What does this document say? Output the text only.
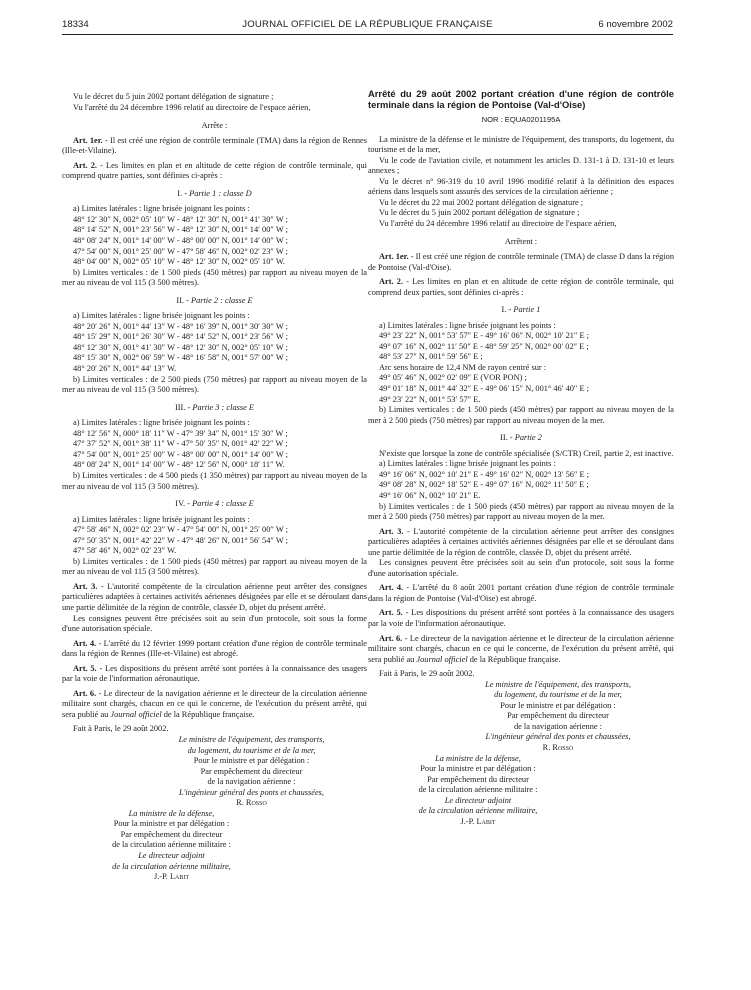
18334	JOURNAL OFFICIEL DE LA RÉPUBLIQUE FRANÇAISE	6 novembre 2002

Vu le décret du 5 juin 2002 portant délégation de signature ;

Vu l'arrêté du 24 décembre 1996 relatif au directoire de l'espace aérien,

Arrête :

Art. 1er. - Il est créé une région de contrôle terminale (TMA) dans la région de Rennes (Ille-et-Vilaine).

Art. 2. - Les limites en plan et en altitude de cette région de contrôle terminale, qui comprend quatre parties, sont définies ci-après :

I. - Partie 1 : classe D

a) Limites latérales : ligne brisée joignant les points :

48° 12′ 30″ N, 002° 05′ 10″ W - 48° 12′ 30″ N, 001° 41′ 30″ W ;

48° 14′ 52″ N, 001° 23′ 56″ W - 48° 12′ 30″ N, 001° 14′ 00″ W ;

48° 08′ 24″ N, 001° 14′ 00″ W - 48° 00′ 00″ N, 001° 14′ 00″ W ;

47° 54′ 00″ N, 001° 25′ 00″ W - 47° 58′ 46″ N, 002° 02′ 23″ W ;

48° 04′ 00″ N, 002° 05′ 10″ W - 48° 12′ 30″ N, 002° 05′ 10″ W.

b) Limites verticales : de 1 500 pieds (450 mètres) par rapport au niveau moyen de la mer au niveau de vol 115 (3 500 mètres).

II. - Partie 2 : classe E

a) Limites latérales : ligne brisée joignant les points :

48° 20′ 26″ N, 001° 44′ 13″ W - 48° 16′ 39″ N, 001° 30′ 30″ W ;

48° 15′ 29″ N, 001° 26′ 30″ W - 48° 14′ 52″ N, 001° 23′ 56″ W ;

48° 12′ 30″ N, 001° 41′ 30″ W - 48° 12′ 30″ N, 002° 05′ 10″ W ;

48° 15′ 30″ N, 002° 06′ 59″ W - 48° 16′ 58″ N, 001° 57′ 00″ W ;

48° 20′ 26″ N, 001° 44′ 13″ W.

b) Limites verticales : de 2 500 pieds (750 mètres) par rapport au niveau moyen de la mer au niveau de vol 115 (3 500 mètres).

III. - Partie 3 : classe E

a) Limites latérales : ligne brisée joignant les points :

48° 12′ 56″ N, 000° 18′ 11″ W - 47° 39′ 34″ N, 001° 15′ 30″ W ;

47° 37′ 52″ N, 001° 38′ 11″ W - 47° 50′ 35″ N, 001° 42′ 22″ W ;

47° 54′ 00″ N, 001° 25′ 00″ W - 48° 00′ 00″ N, 001° 14′ 00″ W ;

48° 08′ 24″ N, 001° 14′ 00″ W - 48° 12′ 56″ N, 000° 18′ 11″ W.

b) Limites verticales : de 4 500 pieds (1 350 mètres) par rapport au niveau moyen de la mer au niveau de vol 115 (3 500 mètres).

IV. - Partie 4 : classe E

a) Limites latérales : ligne brisée joignant les points :

47° 58′ 46″ N, 002° 02′ 23″ W - 47° 54′ 00″ N, 001° 25′ 00″ W ;

47° 50′ 35″ N, 001° 42′ 22″ W - 47° 48′ 26″ N, 001° 56′ 54″ W ;

47° 58′ 46″ N, 002° 02′ 23″ W.

b) Limites verticales : de 1 500 pieds (450 mètres) par rapport au niveau moyen de la mer au niveau de vol 115 (3 500 mètres).

Art. 3. - L'autorité compétente de la circulation aérienne peut arrêter des consignes particulières adaptées à certaines activités aériennes désignées par elle et se déroulant dans une partie délimitée de la région de contrôle, classée D, objet du présent arrêté.

Les consignes peuvent être précisées soit au sein d'un protocole, soit sous la forme d'une autorisation spéciale.

Art. 4. - L'arrêté du 12 février 1999 portant création d'une région de contrôle terminale dans la région de Rennes (Ille-et-Vilaine) est abrogé.

Art. 5. - Les dispositions du présent arrêté sont portées à la connaissance des usagers par la voie de l'information aéronautique.

Art. 6. - Le directeur de la navigation aérienne et le directeur de la circulation aérienne militaire sont chargés, chacun en ce qui le concerne, de l'exécution du présent arrêté, qui sera publié au Journal officiel de la République française.

Fait à Paris, le 29 août 2002.

Le ministre de l'équipement, des transports,

du logement, du tourisme et de la mer,

Pour le ministre et par délégation :

Par empêchement du directeur

de la navigation aérienne :

L'ingénieur général des ponts et chaussées,

R. Rosso

La ministre de la défense,

Pour la ministre et par délégation :

Par empêchement du directeur

de la circulation aérienne militaire :

Le directeur adjoint

de la circulation aérienne militaire,

J.-P. Labit

Arrêté du 29 août 2002 portant création d'une région de contrôle terminale dans la région de Pontoise (Val-d'Oise)

NOR : EQUA0201195A

La ministre de la défense et le ministre de l'équipement, des transports, du logement, du tourisme et de la mer,

Vu le code de l'aviation civile, et notamment les articles D. 131-1 à D. 131-10 et leurs annexes ;

Vu le décret n° 96-319 du 10 avril 1996 modifié relatif à la définition des espaces aériens dans lesquels sont assurés des services de la circulation aérienne ;

Vu le décret du 22 mai 2002 portant délégation de signature ;

Vu le décret du 5 juin 2002 portant délégation de signature ;

Vu l'arrêté du 24 décembre 1996 relatif au directoire de l'espace aérien,

Arrêtent :

Art. 1er. - Il est créé une région de contrôle terminale (TMA) de classe D dans la région de Pontoise (Val-d'Oise).

Art. 2. - Les limites en plan et en altitude de cette région de contrôle terminale, qui comprend deux parties, sont définies ci-après :

I. - Partie 1

a) Limites latérales : ligne brisée joignant les points :

49° 23′ 22″ N, 001° 53′ 57″ E - 49° 16′ 06″ N, 002° 10′ 21″ E ;

49° 07′ 16″ N, 002° 11′ 50″ E - 48° 59′ 25″ N, 002° 00′ 02″ E ;

48° 53′ 27″ N, 001° 59′ 56″ E ;

Arc sens horaire de 12,4 NM de rayon centré sur :

49° 05′ 46″ N, 002° 02′ 09″ E (VOR PON) ;

49° 01′ 18″ N, 001° 44′ 32″ E - 49° 06′ 15″ N, 001° 46′ 40″ E ;

49° 23′ 22″ N, 001° 53′ 57″ E.

b) Limites verticales : de 1 500 pieds (450 mètres) par rapport au niveau moyen de la mer à 2 500 pieds (750 mètres) par rapport au niveau moyen de la mer.

II. - Partie 2

N'existe que lorsque la zone de contrôle spécialisée (S/CTR) Creil, partie 2, est inactive.

a) Limites latérales : ligne brisée joignant les points :

49° 16′ 06″ N, 002° 10′ 21″ E - 49° 16′ 02″ N, 002° 13′ 56″ E ;

49° 08′ 28″ N, 002° 18′ 52″ E - 49° 07′ 16″ N, 002° 11′ 50″ E ;

49° 16′ 06″ N, 002° 10′ 21″ E.

b) Limites verticales : de 1 500 pieds (450 mètres) par rapport au niveau moyen de la mer à 2 500 pieds (750 mètres) par rapport au niveau moyen de la mer.

Art. 3. - L'autorité compétente de la circulation aérienne peut arrêter des consignes particulières adaptées à certaines activités aériennes désignées par elle et se déroulant dans une partie délimitée de la région de contrôle, classée D, objet du présent arrêté.

Les consignes peuvent être précisées soit au sein d'un protocole, soit sous la forme d'une autorisation spéciale.

Art. 4. - L'arrêté du 8 août 2001 portant création d'une région de contrôle terminale dans la région de Pontoise (Val-d'Oise) est abrogé.

Art. 5. - Les dispositions du présent arrêté sont portées à la connaissance des usagers par la voie de l'information aéronautique.

Art. 6. - Le directeur de la navigation aérienne et le directeur de la circulation aérienne militaire sont chargés, chacun en ce qui le concerne, de l'exécution du présent arrêté, qui sera publié au Journal officiel de la République française.

Fait à Paris, le 29 août 2002.

Le ministre de l'équipement, des transports,

du logement, du tourisme et de la mer,

Pour le ministre et par délégation :

Par empêchement du directeur

de la navigation aérienne :

L'ingénieur général des ponts et chaussées,

R. Rosso

La ministre de la défense,

Pour la ministre et par délégation :

Par empêchement du directeur

de la circulation aérienne militaire :

Le directeur adjoint

de la circulation aérienne militaire,

J.-P. Labit
